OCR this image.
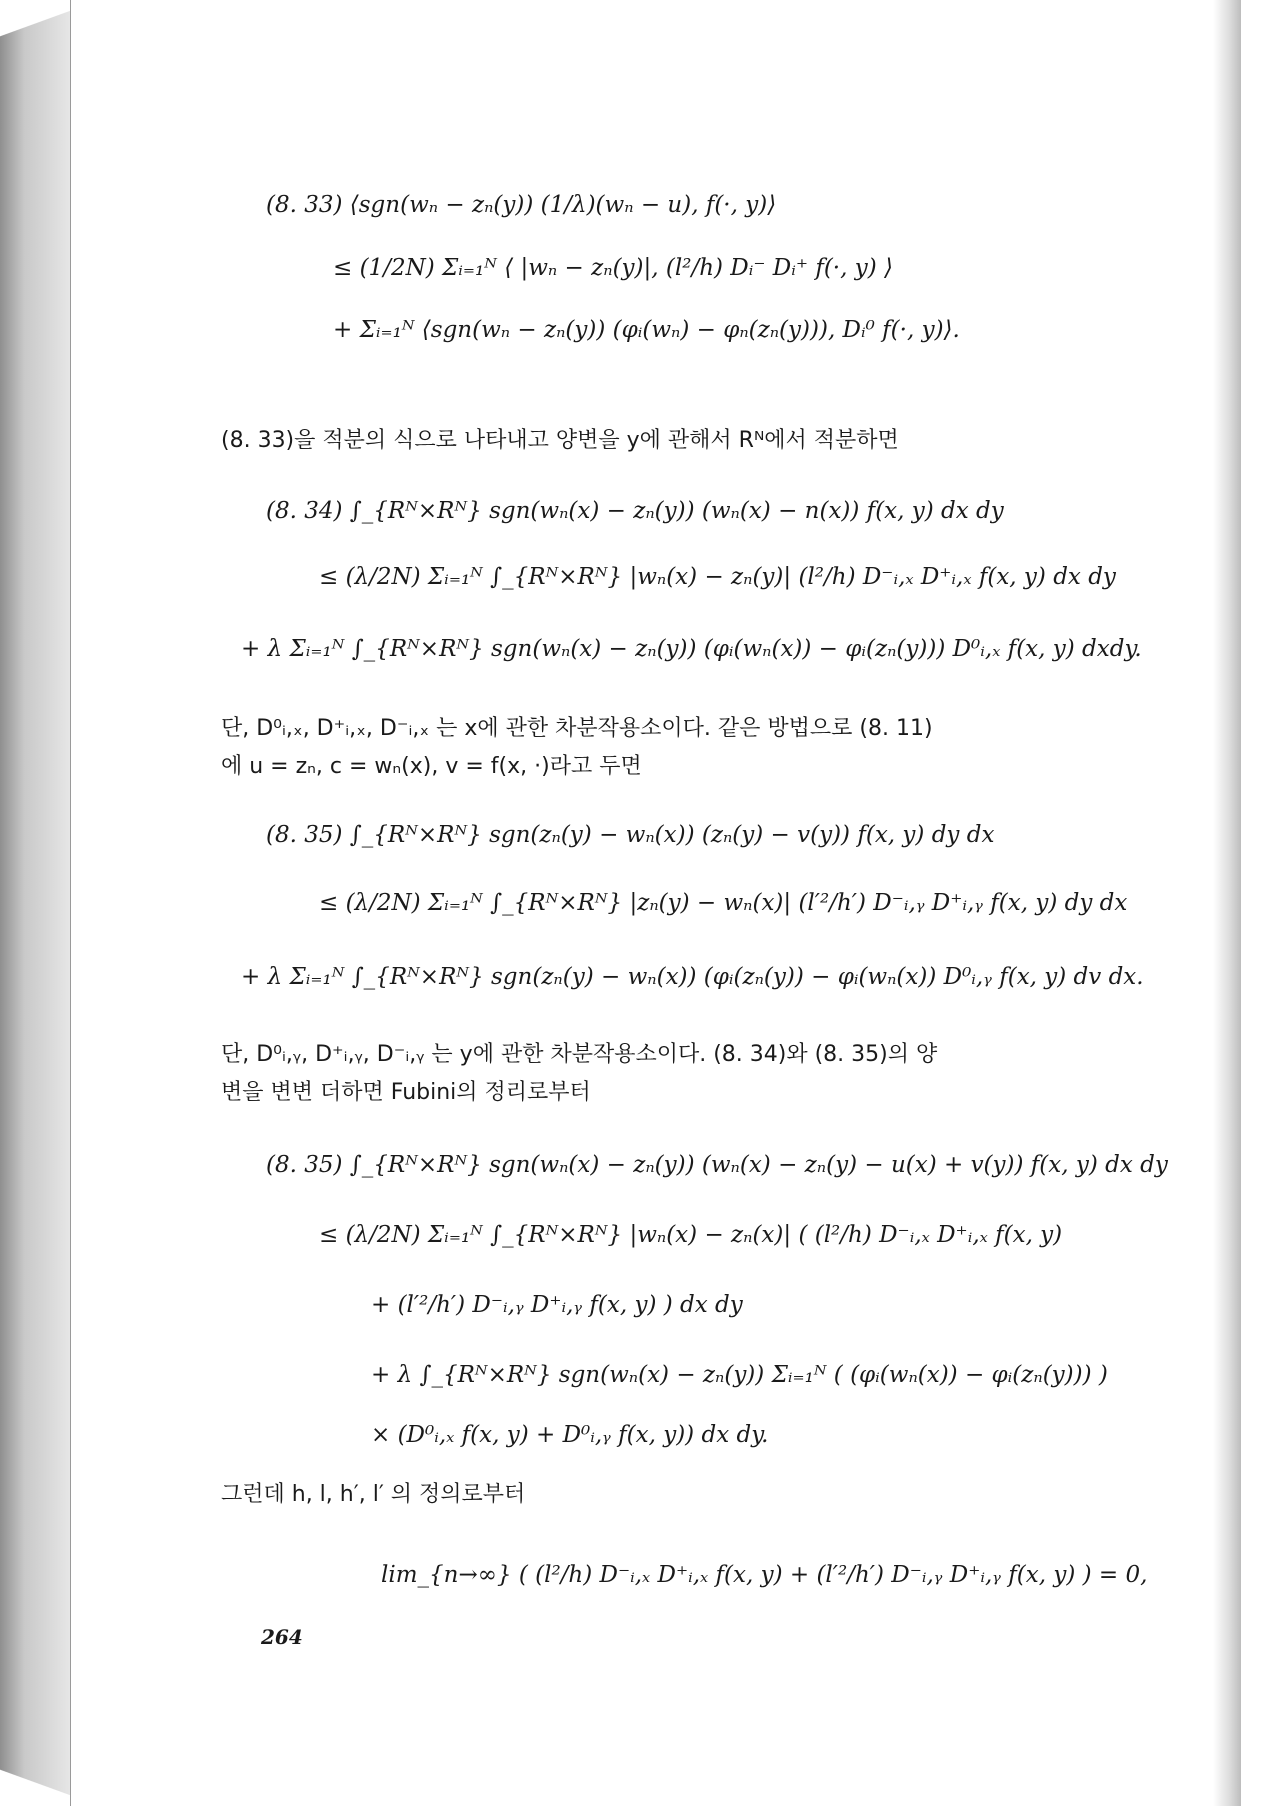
(8. 33) ⟨sgn(wₙ − zₙ(y)) (1/λ)(wₙ − u), f(·, y)⟩
≤ (1/2N) Σᵢ₌₁ᴺ ⟨ |wₙ − zₙ(y)|, (l²/h) Dᵢ⁻ Dᵢ⁺ f(·, y) ⟩
+ Σᵢ₌₁ᴺ ⟨sgn(wₙ − zₙ(y)) (φᵢ(wₙ) − φₙ(zₙ(y))), Dᵢ⁰ f(·, y)⟩.
(8. 33)을 적분의 식으로 나타내고 양변을 y에 관해서 Rᴺ에서 적분하면
(8. 34) ∫_{Rᴺ×Rᴺ} sgn(wₙ(x) − zₙ(y)) (wₙ(x) − n(x)) f(x, y) dx dy
≤ (λ/2N) Σᵢ₌₁ᴺ ∫_{Rᴺ×Rᴺ} |wₙ(x) − zₙ(y)| (l²/h) D⁻ᵢ,ₓ D⁺ᵢ,ₓ f(x, y) dx dy
+ λ Σᵢ₌₁ᴺ ∫_{Rᴺ×Rᴺ} sgn(wₙ(x) − zₙ(y)) (φᵢ(wₙ(x)) − φᵢ(zₙ(y))) D⁰ᵢ,ₓ f(x, y) dxdy.
단, D⁰ᵢ,ₓ, D⁺ᵢ,ₓ, D⁻ᵢ,ₓ 는 x에 관한 차분작용소이다. 같은 방법으로 (8. 11)
에 u = zₙ, c = wₙ(x), v = f(x, ·)라고 두면
(8. 35) ∫_{Rᴺ×Rᴺ} sgn(zₙ(y) − wₙ(x)) (zₙ(y) − v(y)) f(x, y) dy dx
≤ (λ/2N) Σᵢ₌₁ᴺ ∫_{Rᴺ×Rᴺ} |zₙ(y) − wₙ(x)| (l′²/h′) D⁻ᵢ,ᵧ D⁺ᵢ,ᵧ f(x, y) dy dx
+ λ Σᵢ₌₁ᴺ ∫_{Rᴺ×Rᴺ} sgn(zₙ(y) − wₙ(x)) (φᵢ(zₙ(y)) − φᵢ(wₙ(x)) D⁰ᵢ,ᵧ f(x, y) dv dx.
단, D⁰ᵢ,ᵧ, D⁺ᵢ,ᵧ, D⁻ᵢ,ᵧ 는 y에 관한 차분작용소이다. (8. 34)와 (8. 35)의 양
변을 변변 더하면 Fubini의 정리로부터
(8. 35) ∫_{Rᴺ×Rᴺ} sgn(wₙ(x) − zₙ(y)) (wₙ(x) − zₙ(y) − u(x) + v(y)) f(x, y) dx dy
≤ (λ/2N) Σᵢ₌₁ᴺ ∫_{Rᴺ×Rᴺ} |wₙ(x) − zₙ(x)| ( (l²/h) D⁻ᵢ,ₓ D⁺ᵢ,ₓ f(x, y)
+ (l′²/h′) D⁻ᵢ,ᵧ D⁺ᵢ,ᵧ f(x, y) ) dx dy
+ λ ∫_{Rᴺ×Rᴺ} sgn(wₙ(x) − zₙ(y)) Σᵢ₌₁ᴺ ( (φᵢ(wₙ(x)) − φᵢ(zₙ(y))) )
× (D⁰ᵢ,ₓ f(x, y) + D⁰ᵢ,ᵧ f(x, y)) dx dy.
그런데 h, l, h′, l′ 의 정의로부터
lim_{n→∞} ( (l²/h) D⁻ᵢ,ₓ D⁺ᵢ,ₓ f(x, y) + (l′²/h′) D⁻ᵢ,ᵧ D⁺ᵢ,ᵧ f(x, y) ) = 0,
264
